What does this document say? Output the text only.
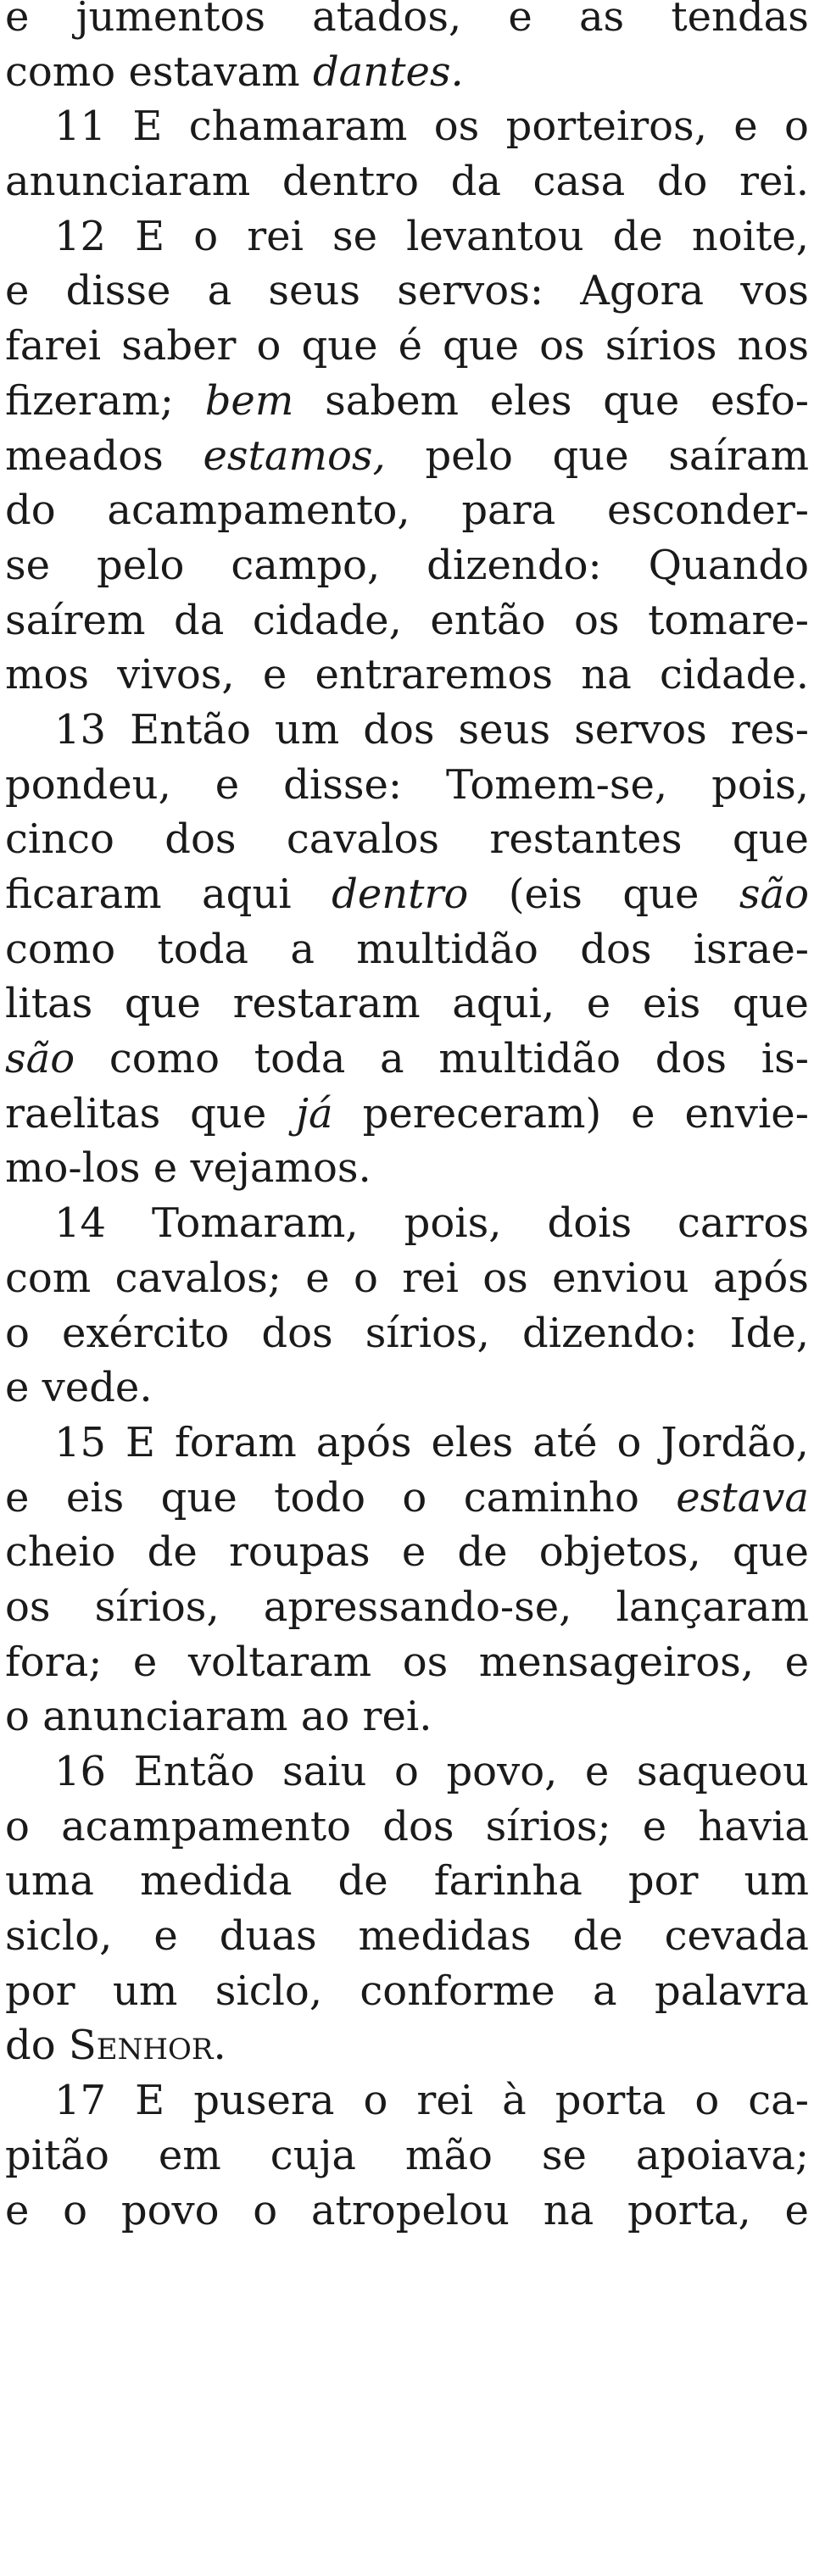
e jumentos atados, e as tendas
como estavam dantes.
11 E chamaram os porteiros, e o
anunciaram dentro da casa do rei.
12 E o rei se levantou de noite,
e disse a seus servos: Agora vos
farei saber o que é que os sírios nos
fizeram; bem sabem eles que esfo-
meados estamos, pelo que saíram
do acampamento, para esconder-
se pelo campo, dizendo: Quando
saírem da cidade, então os tomare-
mos vivos, e entraremos na cidade.
13 Então um dos seus servos res-
pondeu, e disse: Tomem-se, pois,
cinco dos cavalos restantes que
ficaram aqui dentro (eis que são
como toda a multidão dos israe-
litas que restaram aqui, e eis que
são como toda a multidão dos is-
raelitas que já pereceram) e envie-
mo-los e vejamos.
14 Tomaram, pois, dois carros
com cavalos; e o rei os enviou após
o exército dos sírios, dizendo: Ide,
e vede.
15 E foram após eles até o Jordão,
e eis que todo o caminho estava
cheio de roupas e de objetos, que
os sírios, apressando-se, lançaram
fora; e voltaram os mensageiros, e
o anunciaram ao rei.
16 Então saiu o povo, e saqueou
o acampamento dos sírios; e havia
uma medida de farinha por um
siclo, e duas medidas de cevada
por um siclo, conforme a palavra
do Senhor.
17 E pusera o rei à porta o ca-
pitão em cuja mão se apoiava;
e o povo o atropelou na porta, e
